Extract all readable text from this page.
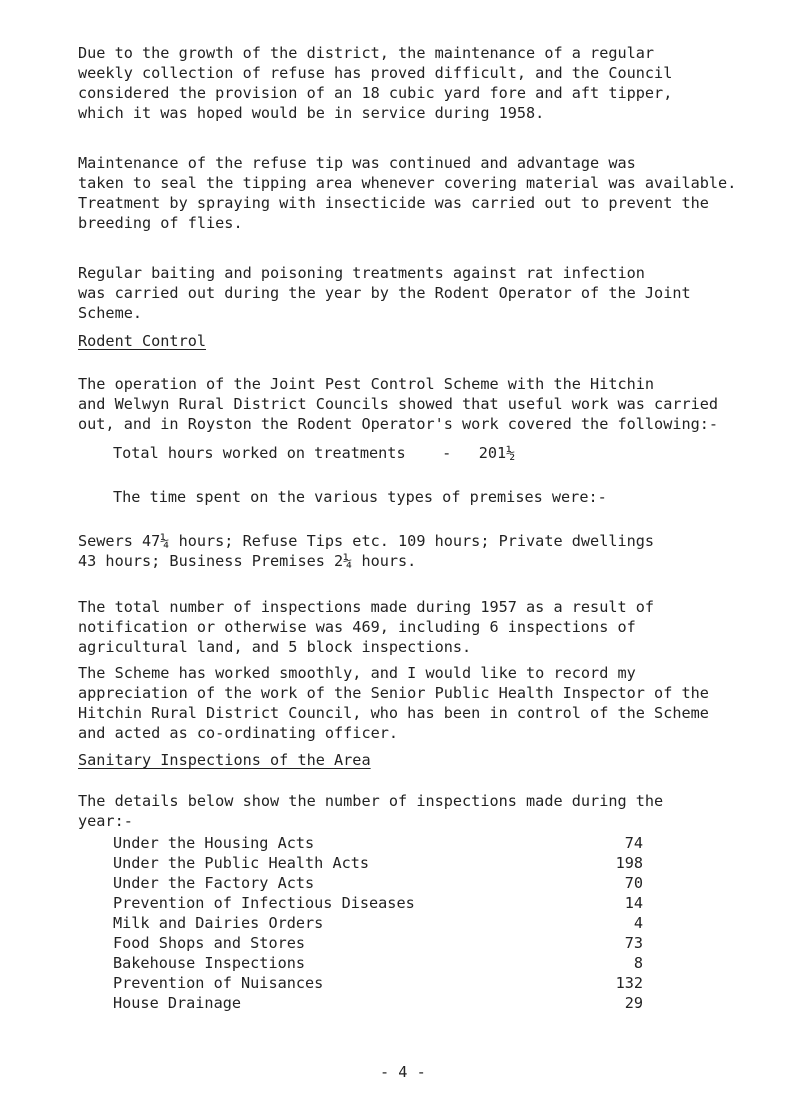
Due to the growth of the district, the maintenance of a regular
weekly collection of refuse has proved difficult, and the Council
considered the provision of an 18 cubic yard fore and aft tipper,
which it was hoped would be in service during 1958.

Maintenance of the refuse tip was continued and advantage was
taken to seal the tipping area whenever covering material was available.
Treatment by spraying with insecticide was carried out to prevent the
breeding of flies.

Regular baiting and poisoning treatments against rat infection
was carried out during the year by the Rodent Operator of the Joint
Scheme.

Rodent Control

The operation of the Joint Pest Control Scheme with the Hitchin
and Welwyn Rural District Councils showed that useful work was carried
out, and in Royston the Rodent Operator's work covered the following:-

Total hours worked on treatments    -   201½

The time spent on the various types of premises were:-

Sewers 47¼ hours; Refuse Tips etc. 109 hours; Private dwellings
43 hours; Business Premises 2¼ hours.

The total number of inspections made during 1957 as a result of
notification or otherwise was 469, including 6 inspections of
agricultural land, and 5 block inspections.

The Scheme has worked smoothly, and I would like to record my
appreciation of the work of the Senior Public Health Inspector of the
Hitchin Rural District Council, who has been in control of the Scheme
and acted as co-ordinating officer.

Sanitary Inspections of the Area

The details below show the number of inspections made during the
year:-

Under the Housing Acts	74
Under the Public Health Acts	198
Under the Factory Acts	70
Prevention of Infectious Diseases	14
Milk and Dairies Orders	4
Food Shops and Stores	73
Bakehouse Inspections	8
Prevention of Nuisances	132
House Drainage	29

- 4 -
